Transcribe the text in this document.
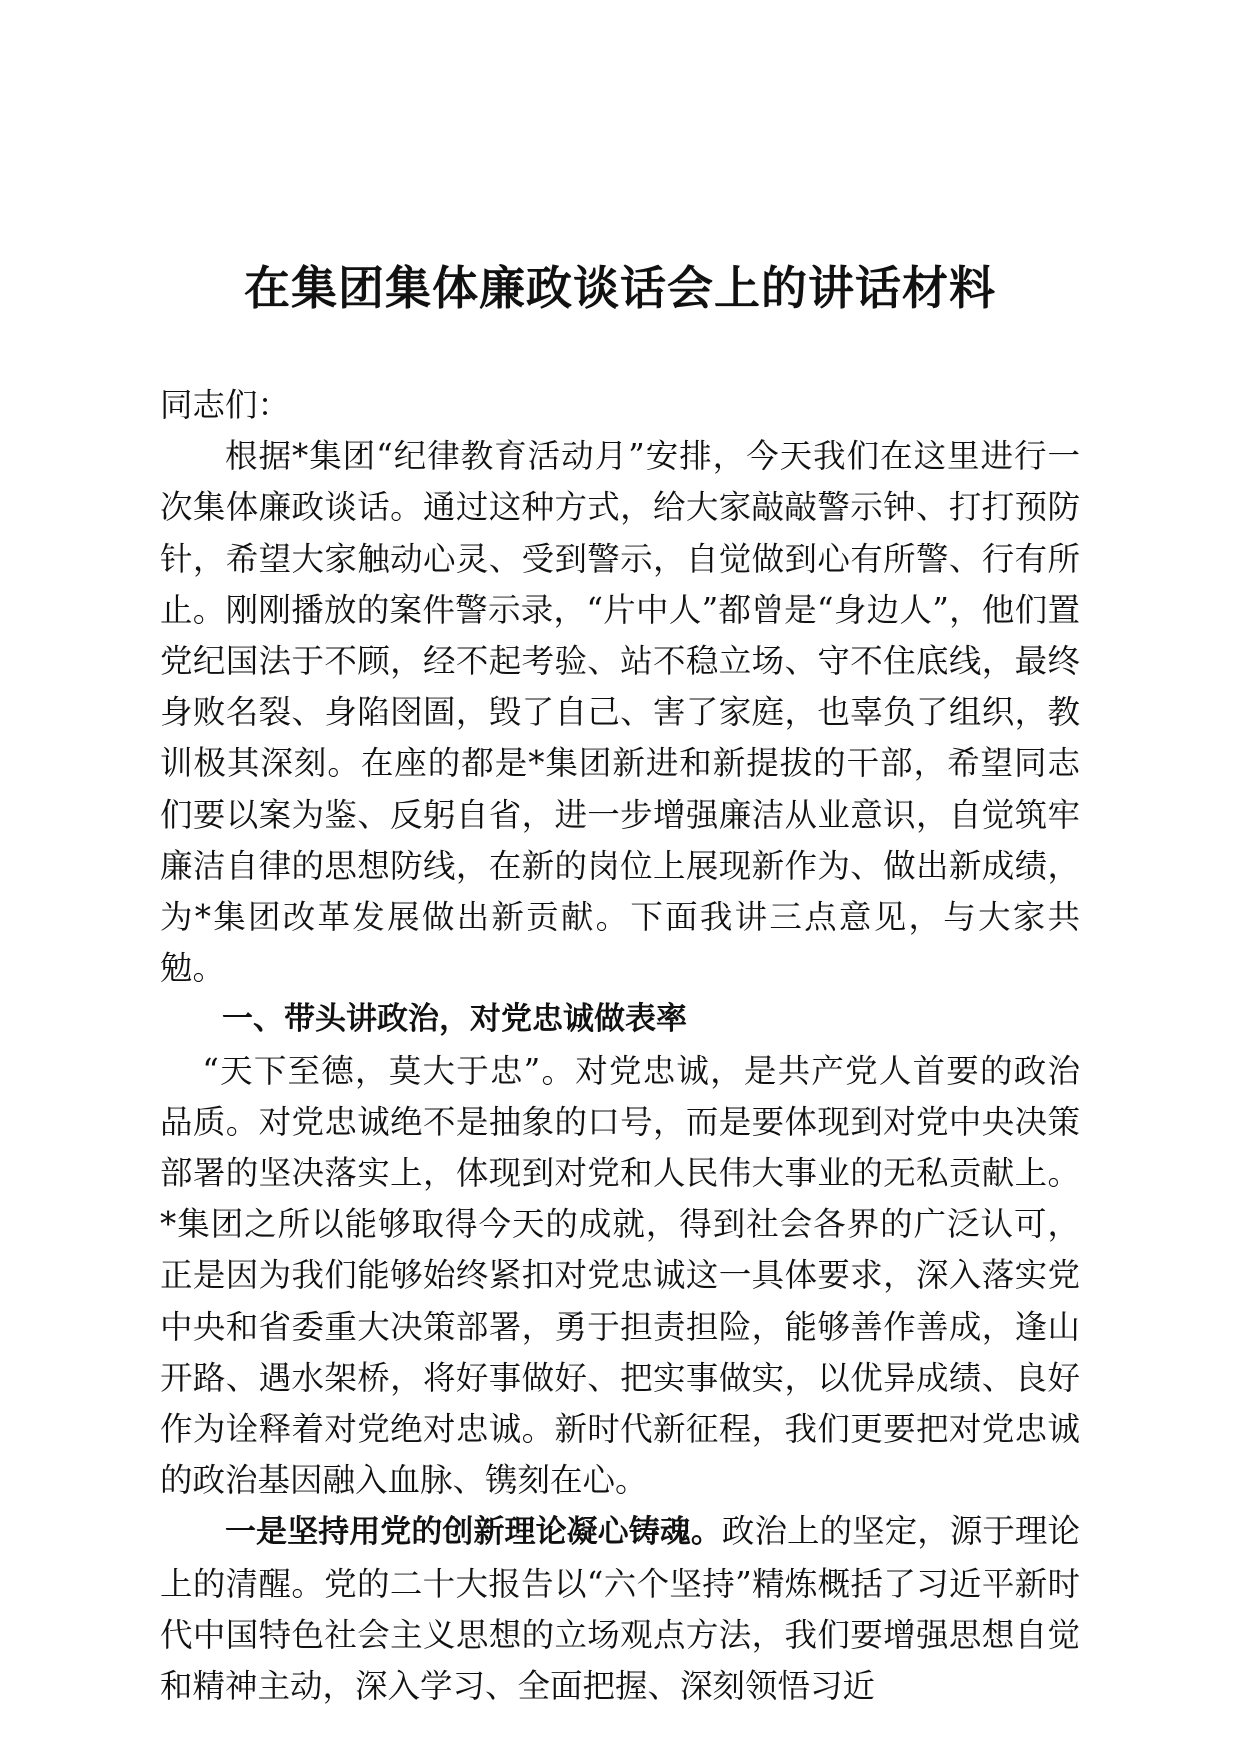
在集团集体廉政谈话会上的讲话材料

同志们：

根据*集团“纪律教育活动月”安排，今天我们在这里进行一次集体廉政谈话。通过这种方式，给大家敲敲警示钟、打打预防针，希望大家触动心灵、受到警示，自觉做到心有所警、行有所止。刚刚播放的案件警示录，“片中人”都曾是“身边人”，他们置党纪国法于不顾，经不起考验、站不稳立场、守不住底线，最终身败名裂、身陷囹圄，毁了自己、害了家庭，也辜负了组织，教训极其深刻。在座的都是*集团新进和新提拔的干部，希望同志们要以案为鉴、反躬自省，进一步增强廉洁从业意识，自觉筑牢廉洁自律的思想防线，在新的岗位上展现新作为、做出新成绩，为*集团改革发展做出新贡献。下面我讲三点意见，与大家共勉。

一、带头讲政治，对党忠诚做表率

“天下至德，莫大于忠”。对党忠诚，是共产党人首要的政治品质。对党忠诚绝不是抽象的口号，而是要体现到对党中央决策部署的坚决落实上，体现到对党和人民伟大事业的无私贡献上。*集团之所以能够取得今天的成就，得到社会各界的广泛认可，正是因为我们能够始终紧扣对党忠诚这一具体要求，深入落实党中央和省委重大决策部署，勇于担责担险，能够善作善成，逢山开路、遇水架桥，将好事做好、把实事做实，以优异成绩、良好作为诠释着对党绝对忠诚。新时代新征程，我们更要把对党忠诚的政治基因融入血脉、镌刻在心。

一是坚持用党的创新理论凝心铸魂。政治上的坚定，源于理论上的清醒。党的二十大报告以“六个坚持”精炼概括了习近平新时代中国特色社会主义思想的立场观点方法，我们要增强思想自觉和精神主动，深入学习、全面把握、深刻领悟习近
